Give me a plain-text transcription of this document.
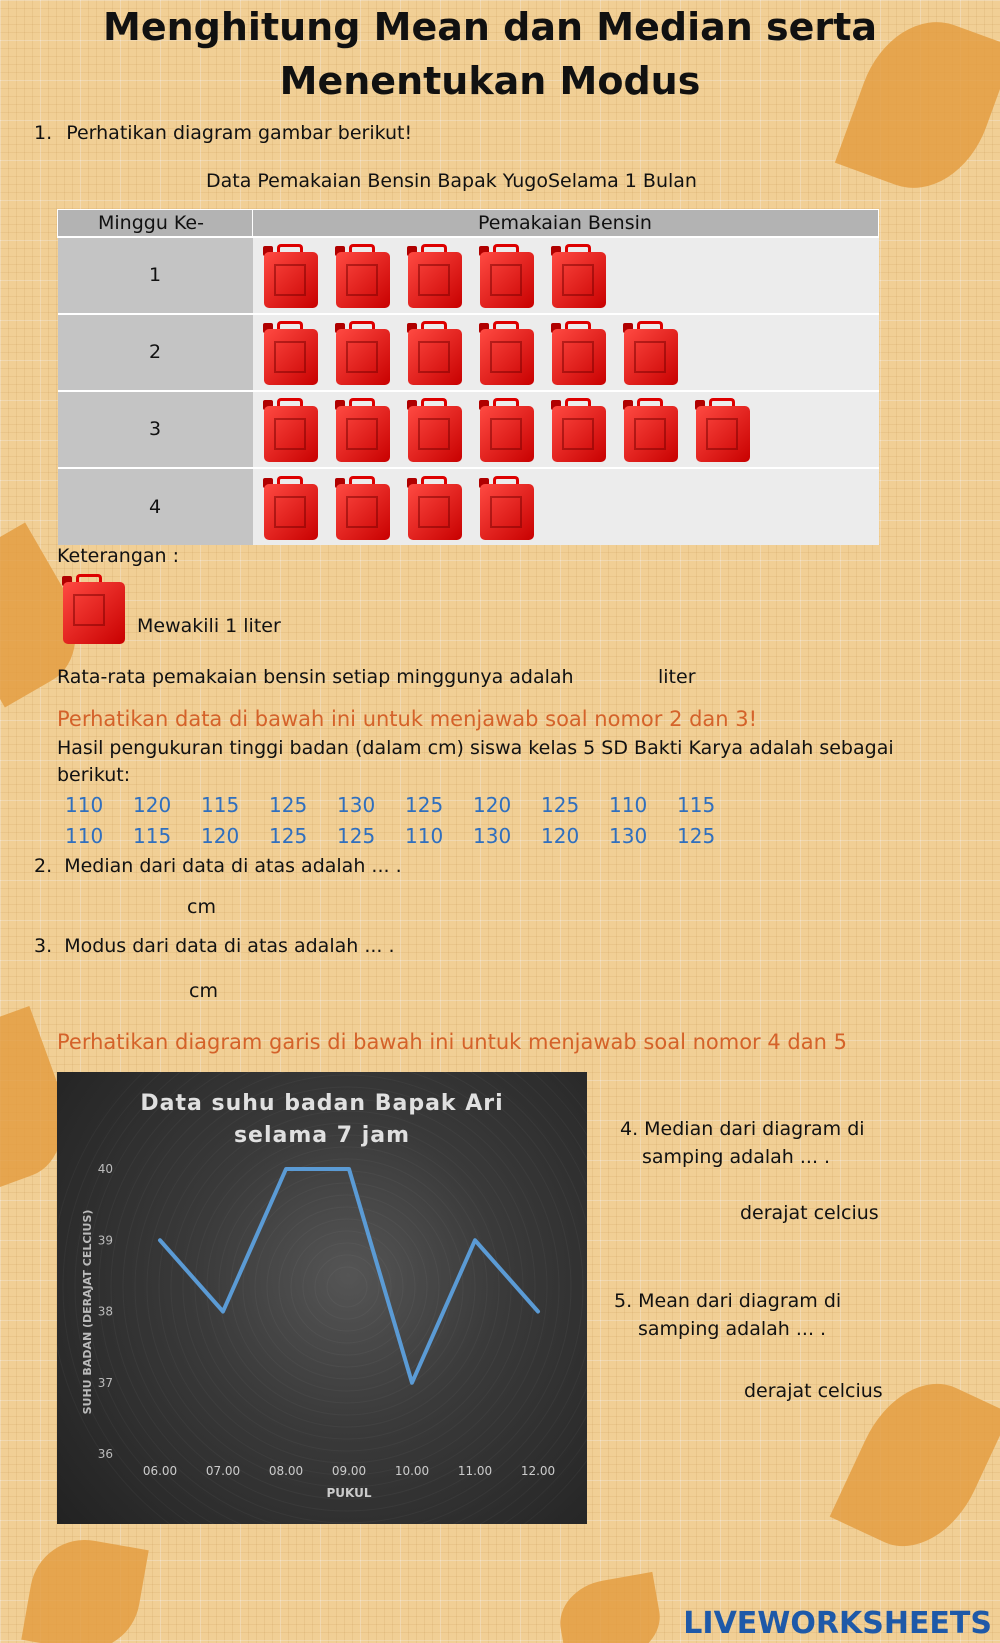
Menghitung Mean dan Median serta
Menentukan Modus
1. Perhatikan diagram gambar berikut!
Data Pemakaian Bensin Bapak YugoSelama 1 Bulan
Minggu Ke-	Pemakaian Bensin
1	

2	

3	

4	
Keterangan :
Mewakili 1 liter
Rata-rata pemakaian bensin setiap minggunya adalah	liter
Perhatikan data di bawah ini untuk menjawab soal nomor 2 dan 3!
Hasil pengukuran tinggi badan (dalam cm) siswa kelas 5 SD Bakti Karya adalah sebagai
berikut:
110 120 115 125 130 125 120 125 110 115
110 115 120 125 125 110 130 120 130 125
2. Median dari data di atas adalah ... .
cm
3. Modus dari data di atas adalah ... .
cm
Perhatikan diagram garis di bawah ini untuk menjawab soal nomor 4 dan 5
Data suhu badan Bapak Ari
selama 7 jam
36
37
38
39
40
06.00 07.00 08.00 09.00 10.00 11.00 12.00
PUKUL
SUHU BADAN (DERAJAT CELCIUS)
4. Median dari diagram di
samping adalah ... .
derajat celcius
5. Mean dari diagram di
samping adalah ... .
derajat celcius
LIVEWORKSHEETS
